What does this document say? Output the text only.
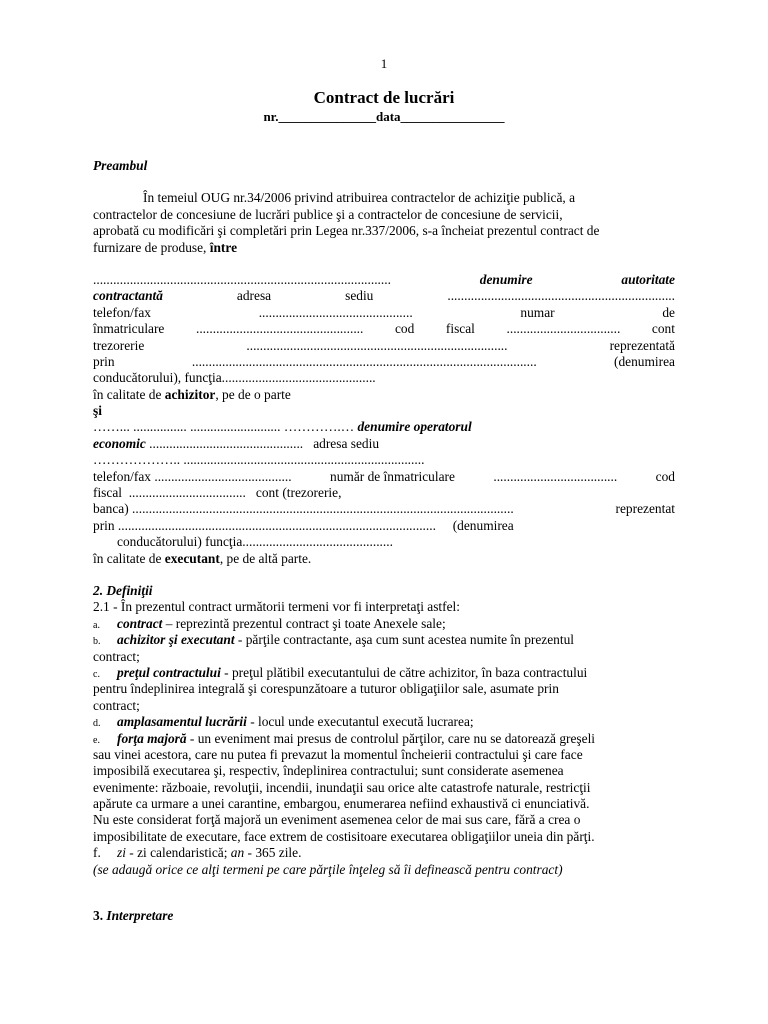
1
Contract de lucrări
nr._______________data________________
Preambul
În temeiul OUG nr.34/2006 privind atribuirea contractelor de achiziţie publică, a
contractelor de concesiune de lucrări publice şi a contractelor de concesiune de servicii,
aprobată cu modificări şi completări prin Legea nr.337/2006, s-a încheiat prezentul contract de
furnizare de produse, între
.........................................................................................	denumire	autoritate
contractantă	adresa	sediu	....................................................................
telefon/fax	..............................................	numar	de
înmatriculare .................................................. cod fiscal .................................. cont
trezorerie	..............................................................................	reprezentată
prin	.......................................................................................................	(denumirea
conducătorului), funcţia..............................................
în calitate de achizitor, pe de o parte
şi
……... ................ ........................... ………….… denumire operatorul
economic .............................................. adresa sediu
……………….. ........................................................................
telefon/fax .........................................	număr de înmatriculare	.....................................	cod
fiscal ................................... cont (trezorerie,
banca) ..................................................................................................................	reprezentat
prin ............................................................................................... (denumirea
conducătorului) funcţia.............................................
în calitate de executant, pe de altă parte.
2. Definiţii
2.1 - În prezentul contract următorii termeni vor fi interpretaţi astfel:
a. contract – reprezintă prezentul contract şi toate Anexele sale;
b. achizitor şi executant - părţile contractante, aşa cum sunt acestea numite în prezentul
contract;
c. preţul contractului - preţul plătibil executantului de către achizitor, în baza contractului
pentru îndeplinirea integrală şi corespunzătoare a tuturor obligaţiilor sale, asumate prin
contract;
d. amplasamentul lucrării - locul unde executantul execută lucrarea;
e. forţa majoră - un eveniment mai presus de controlul părţilor, care nu se datorează greşeli
sau vinei acestora, care nu putea fi prevazut la momentul încheierii contractului şi care face
imposibilă executarea şi, respectiv, îndeplinirea contractului; sunt considerate asemenea
evenimente: războaie, revoluţii, incendii, inundaţii sau orice alte catastrofe naturale, restricţii
apărute ca urmare a unei carantine, embargou, enumerarea nefiind exhaustivă ci enunciativă.
Nu este considerat forţă majoră un eveniment asemenea celor de mai sus care, fără a crea o
imposibilitate de executare, face extrem de costisitoare executarea obligaţiilor uneia din părţi.
f. zi - zi calendaristică; an - 365 zile.
(se adaugă orice ce alţi termeni pe care părţile înţeleg să îi definească pentru contract)
3. Interpretare
